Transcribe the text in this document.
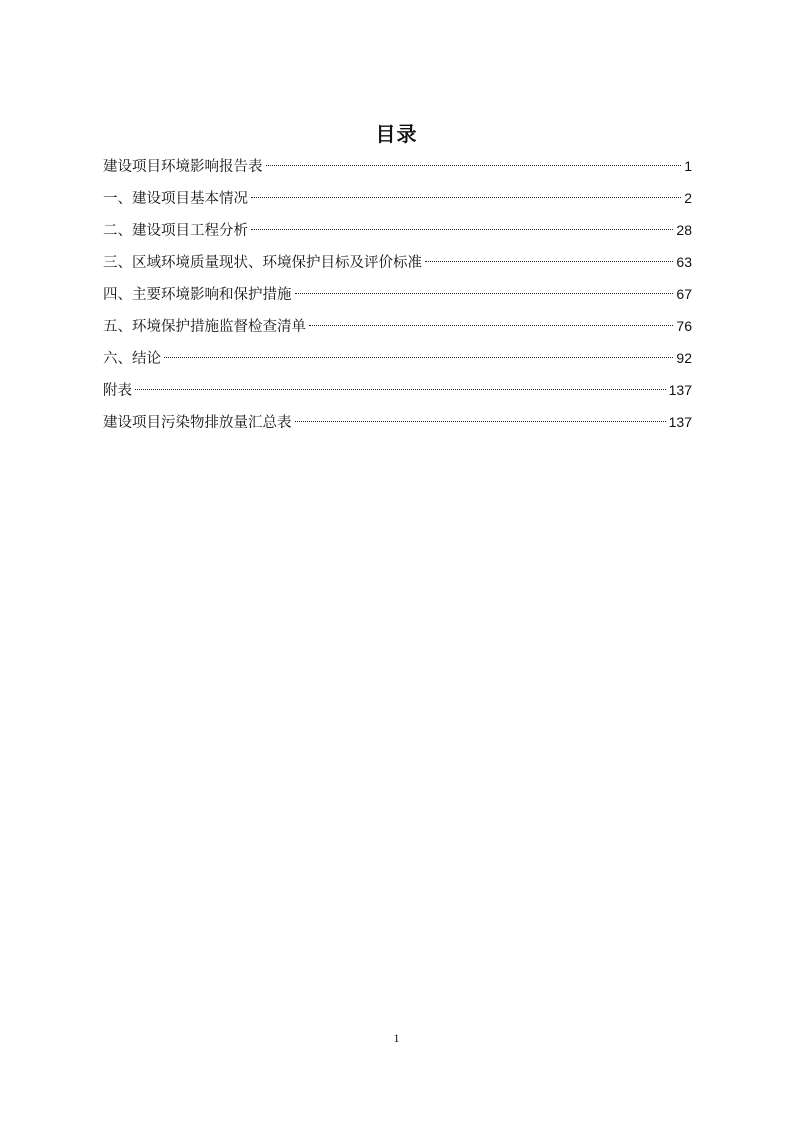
目录
建设项目环境影响报告表	1
一、建设项目基本情况	2
二、建设项目工程分析	28
三、区域环境质量现状、环境保护目标及评价标准	63
四、主要环境影响和保护措施	67
五、环境保护措施监督检查清单	76
六、结论	92
附表	137
建设项目污染物排放量汇总表	137
1
